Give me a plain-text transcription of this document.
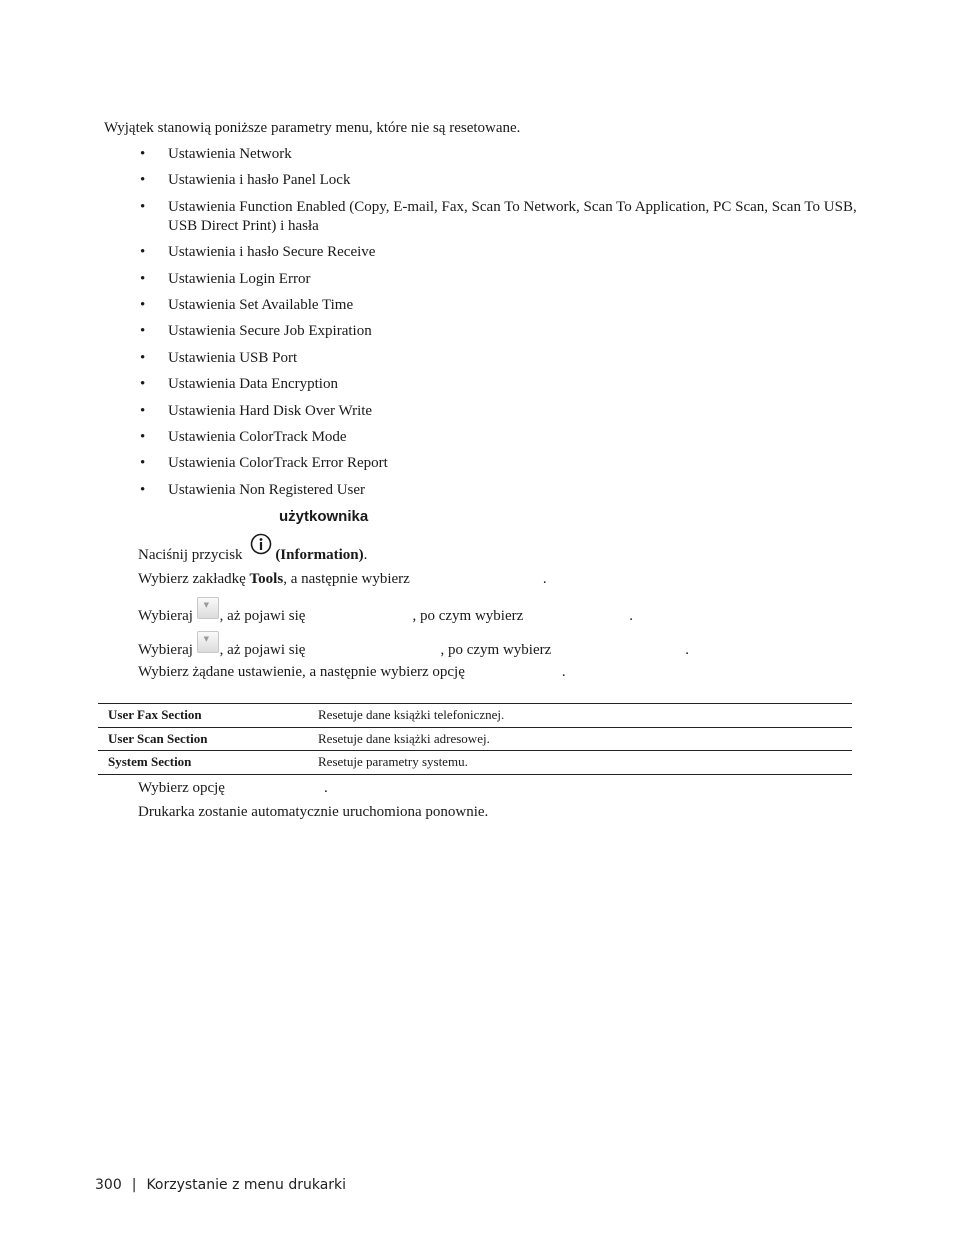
Wyjątek stanowią poniższe parametry menu, które nie są resetowane.
• Ustawienia Network
• Ustawienia i hasło Panel Lock
• Ustawienia Function Enabled (Copy, E-mail, Fax, Scan To Network, Scan To Application, PC Scan, Scan To USB, USB Direct Print) i hasła
• Ustawienia i hasło Secure Receive
• Ustawienia Login Error
• Ustawienia Set Available Time
• Ustawienia Secure Job Expiration
• Ustawienia USB Port
• Ustawienia Data Encryption
• Ustawienia Hard Disk Over Write
• Ustawienia ColorTrack Mode
• Ustawienia ColorTrack Error Report
• Ustawienia Non Registered User
użytkownika
Naciśnij przycisk (Information).
Wybierz zakładkę Tools, a następnie wybierz	.
Wybieraj
▼
, aż pojawi się	, po czym wybierz	.
Wybieraj
▼
, aż pojawi się	, po czym wybierz	.
Wybierz żądane ustawienie, a następnie wybierz opcję	.
User Fax Section	Resetuje dane książki telefonicznej.
User Scan Section	Resetuje dane książki adresowej.
System Section	Resetuje parametry systemu.
Wybierz opcję	.
Drukarka zostanie automatycznie uruchomiona ponownie.
300 | Korzystanie z menu drukarki
